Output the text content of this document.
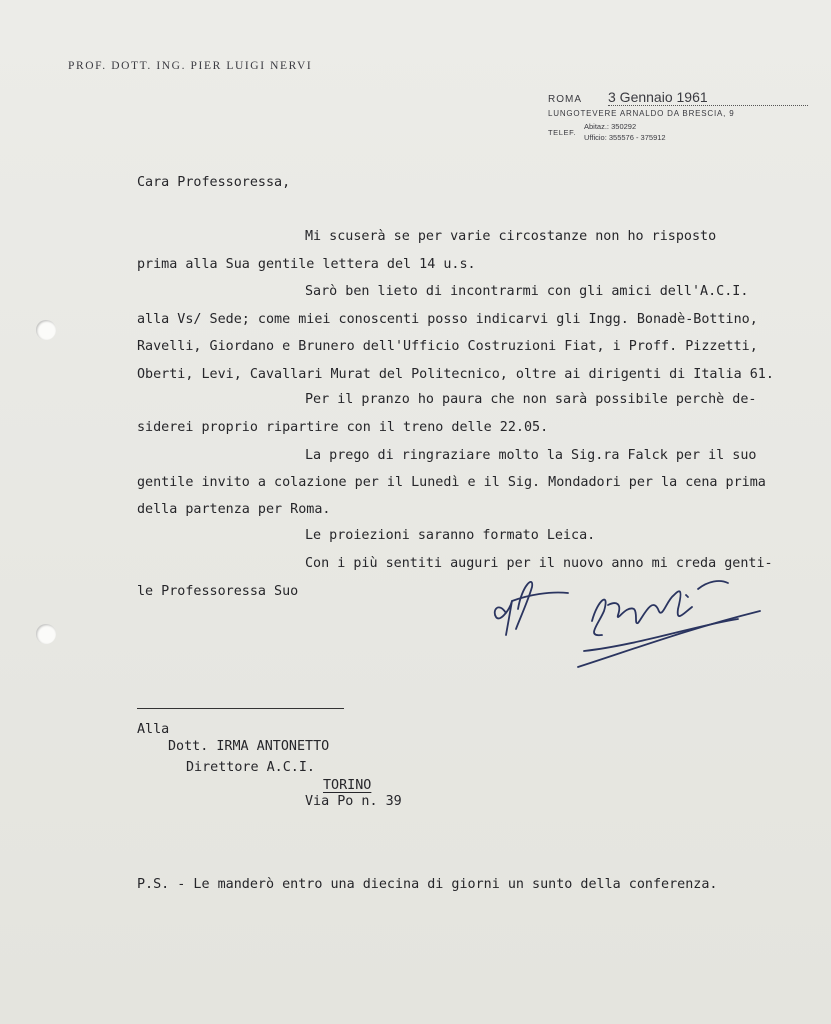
PROF. DOTT. ING. PIER LUIGI NERVI
ROMA	3 Gennaio 1961
LUNGOTEVERE ARNALDO DA BRESCIA, 9
TELEF.
Abitaz.: 350292
Ufficio: 355576 - 375912
Cara Professoressa,
Mi scuserà se per varie circostanze non ho risposto
prima alla Sua gentile lettera del 14 u.s.
Sarò ben lieto di incontrarmi con gli amici dell'A.C.I.
alla Vs/ Sede; come miei conoscenti posso indicarvi gli Ingg. Bonadè-Bottino,
Ravelli, Giordano e Brunero dell'Ufficio Costruzioni Fiat, i Proff. Pizzetti,
Oberti, Levi, Cavallari Murat del Politecnico, oltre ai dirigenti di Italia 61.
Per il pranzo ho paura che non sarà possibile perchè de-
siderei proprio ripartire con il treno delle 22.05.
La prego di ringraziare molto la Sig.ra Falck per il suo
gentile invito a colazione per il Lunedì e il Sig. Mondadori per la cena prima
della partenza per Roma.
Le proiezioni saranno formato Leica.
Con i più sentiti auguri per il nuovo anno mi creda genti-
le Professoressa Suo
Alla
Dott. IRMA ANTONETTO
Direttore A.C.I.
TORINO
Via Po n. 39
P.S. - Le manderò entro una diecina di giorni un sunto della conferenza.
